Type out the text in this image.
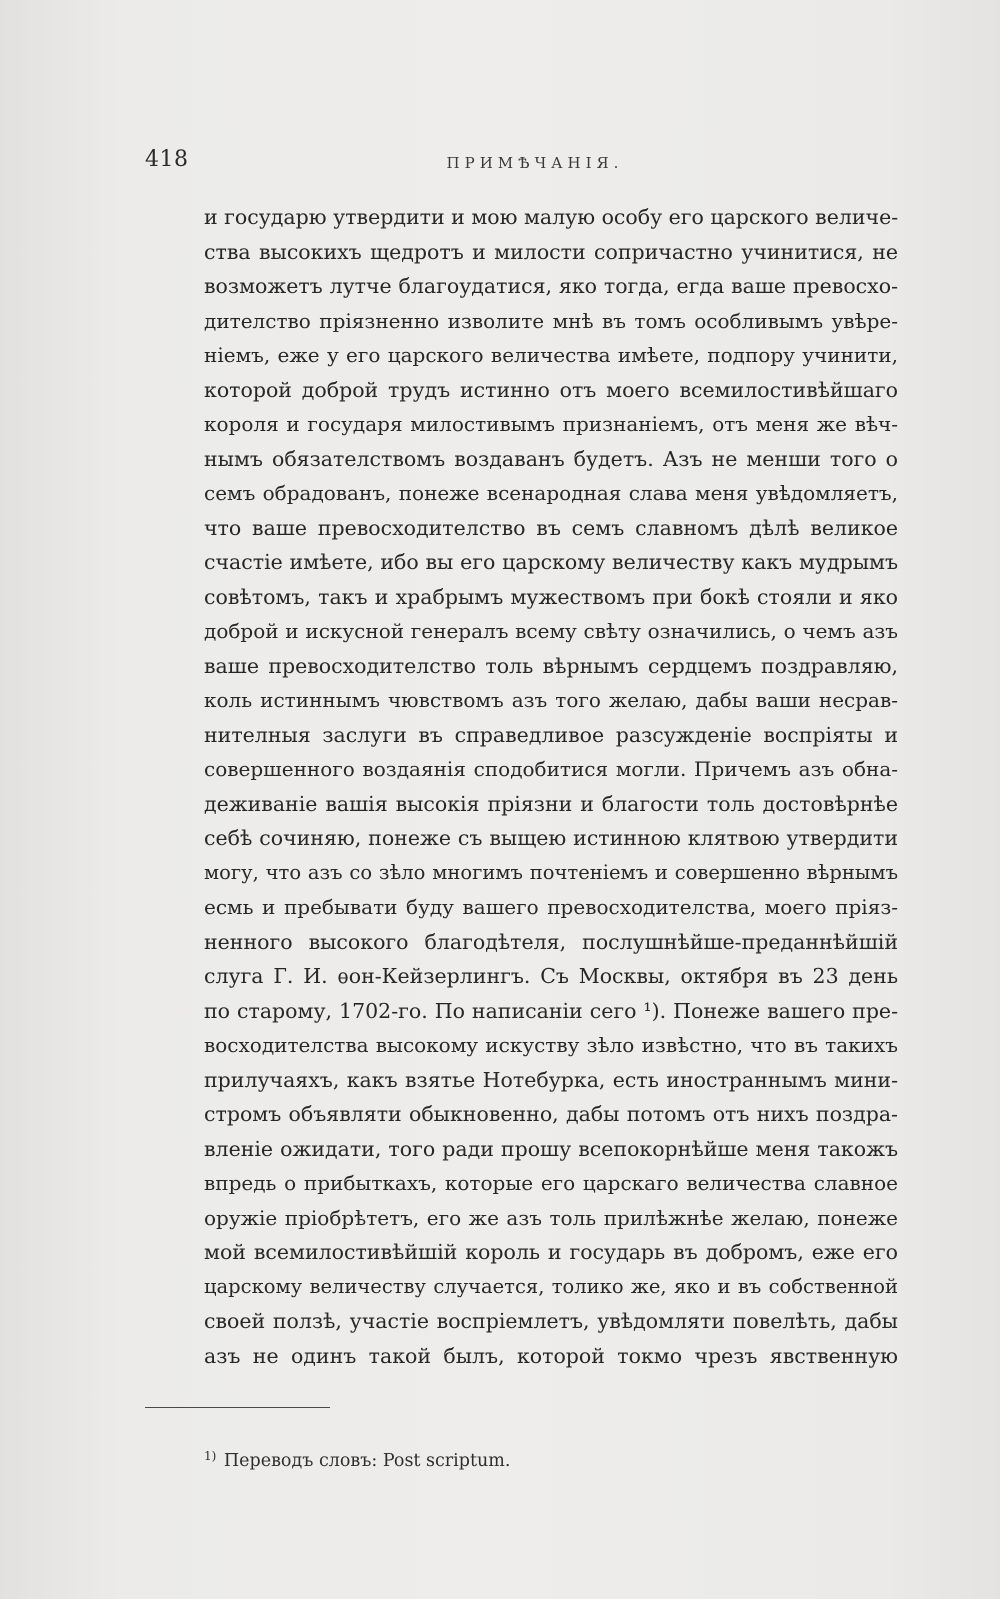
418	ПРИМѢЧАНІЯ.
и государю утвердити и мою малую особу его царского величе-
ства высокихъ щедротъ и милости сопричастно учинитися, не
возможетъ лутче благоудатися, яко тогда, егда ваше превосхо-
дителство пріязненно изволите мнѣ въ томъ особливымъ увѣре-
ніемъ, еже у его царского величества имѣете, подпору учинити,
которой доброй трудъ истинно отъ моего всемилостивѣйшаго
короля и государя милостивымъ признаніемъ, отъ меня же вѣч-
нымъ обязателствомъ воздаванъ будетъ. Азъ не менши того о
семъ обрадованъ, понеже всенародная слава меня увѣдомляетъ,
что ваше превосходителство въ семъ славномъ дѣлѣ великое
счастіе имѣете, ибо вы его царскому величеству какъ мудрымъ
совѣтомъ, такъ и храбрымъ мужествомъ при бокѣ стояли и яко
доброй и искусной генералъ всему свѣту означились, о чемъ азъ
ваше превосходителство толь вѣрнымъ сердцемъ поздравляю,
коль истиннымъ чювствомъ азъ того желаю, дабы ваши несрав-
нителныя заслуги въ справедливое разсужденіе воспріяты и
совершенного воздаянія сподобитися могли. Причемъ азъ обна-
деживаніе вашія высокія пріязни и благости толь достовѣрнѣе
себѣ сочиняю, понеже съ выщею истинною клятвою утвердити
могу, что азъ со зѣло многимъ почтеніемъ и совершенно вѣрнымъ
есмь и пребывати буду вашего превосходителства, моего пріяз-
ненного высокого благодѣтеля, послушнѣйше-преданнѣйшій
слуга Г. И. ѳон-Кейзерлингъ. Съ Москвы, октября въ 23 день
по старому, 1702-го. По написаніи сего ¹). Понеже вашего пре-
восходителства высокому искуству зѣло извѣстно, что въ такихъ
прилучаяхъ, какъ взятье Нотебурка, есть иностраннымъ мини-
стромъ объявляти обыкновенно, дабы потомъ отъ нихъ поздра-
вленіе ожидати, того ради прошу всепокорнѣйше меня такожъ
впредь о прибыткахъ, которые его царскаго величества славное
оружіе пріобрѣтетъ, его же азъ толь прилѣжнѣе желаю, понеже
мой всемилостивѣйшій король и государь въ добромъ, еже его
царскому величеству случается, толико же, яко и въ собственной
своей ползѣ, участіе воспріемлетъ, увѣдомляти повелѣть, дабы
азъ не одинъ такой былъ, которой токмо чрезъ явственную
$^{1)}$ Переводъ словъ: Post scriptum.
